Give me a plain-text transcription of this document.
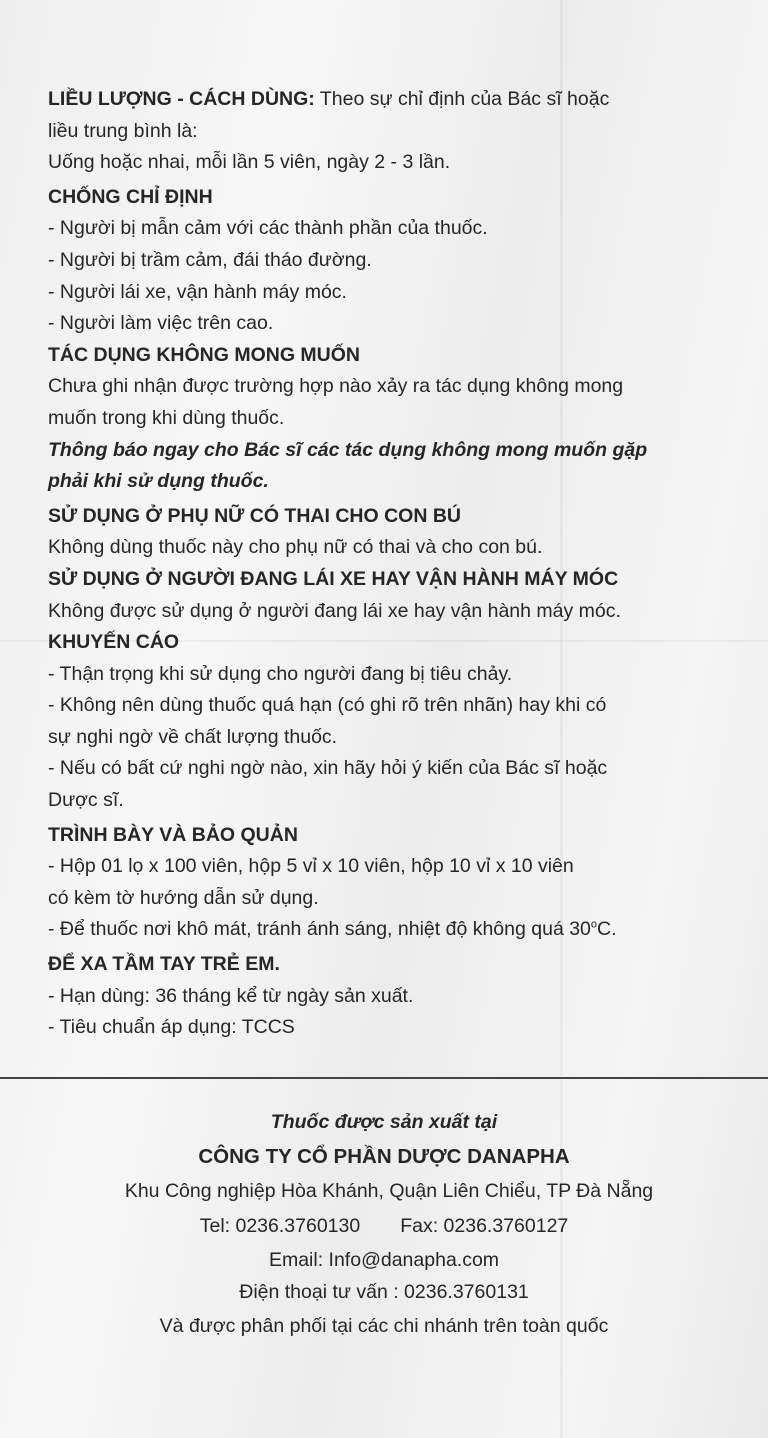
LIỀU LƯỢNG - CÁCH DÙNG: Theo sự chỉ định của Bác sĩ hoặc
liều trung bình là:
Uống hoặc nhai, mỗi lần 5 viên, ngày 2 - 3 lần.
CHỐNG CHỈ ĐỊNH
- Người bị mẫn cảm với các thành phần của thuốc.
- Người bị trầm cảm, đái tháo đường.
- Người lái xe, vận hành máy móc.
- Người làm việc trên cao.
TÁC DỤNG KHÔNG MONG MUỐN
Chưa ghi nhận được trường hợp nào xảy ra tác dụng không mong
muốn trong khi dùng thuốc.
Thông báo ngay cho Bác sĩ các tác dụng không mong muốn gặp
phải khi sử dụng thuốc.
SỬ DỤNG Ở PHỤ NỮ CÓ THAI CHO CON BÚ
Không dùng thuốc này cho phụ nữ có thai và cho con bú.
SỬ DỤNG Ở NGƯỜI ĐANG LÁI XE HAY VẬN HÀNH MÁY MÓC
Không được sử dụng ở người đang lái xe hay vận hành máy móc.
KHUYẾN CÁO
- Thận trọng khi sử dụng cho người đang bị tiêu chảy.
- Không nên dùng thuốc quá hạn (có ghi rõ trên nhãn) hay khi có
sự nghi ngờ về chất lượng thuốc.
- Nếu có bất cứ nghi ngờ nào, xin hãy hỏi ý kiến của Bác sĩ hoặc
Dược sĩ.
TRÌNH BÀY VÀ BẢO QUẢN
- Hộp 01 lọ x 100 viên, hộp 5 vỉ x 10 viên, hộp 10 vỉ x 10 viên
có kèm tờ hướng dẫn sử dụng.
- Để thuốc nơi khô mát, tránh ánh sáng, nhiệt độ không quá 30$^o$C.
ĐỂ XA TẦM TAY TRẺ EM.
- Hạn dùng: 36 tháng kể từ ngày sản xuất.
- Tiêu chuẩn áp dụng: TCCS
Thuốc được sản xuất tại
CÔNG TY CỔ PHẦN DƯỢC DANAPHA
Khu Công nghiệp Hòa Khánh, Quận Liên Chiểu, TP Đà Nẵng
Tel: 0236.3760130 Fax: 0236.3760127
Email: Info@danapha.com
Điện thoại tư vấn : 0236.3760131
Và được phân phối tại các chi nhánh trên toàn quốc
